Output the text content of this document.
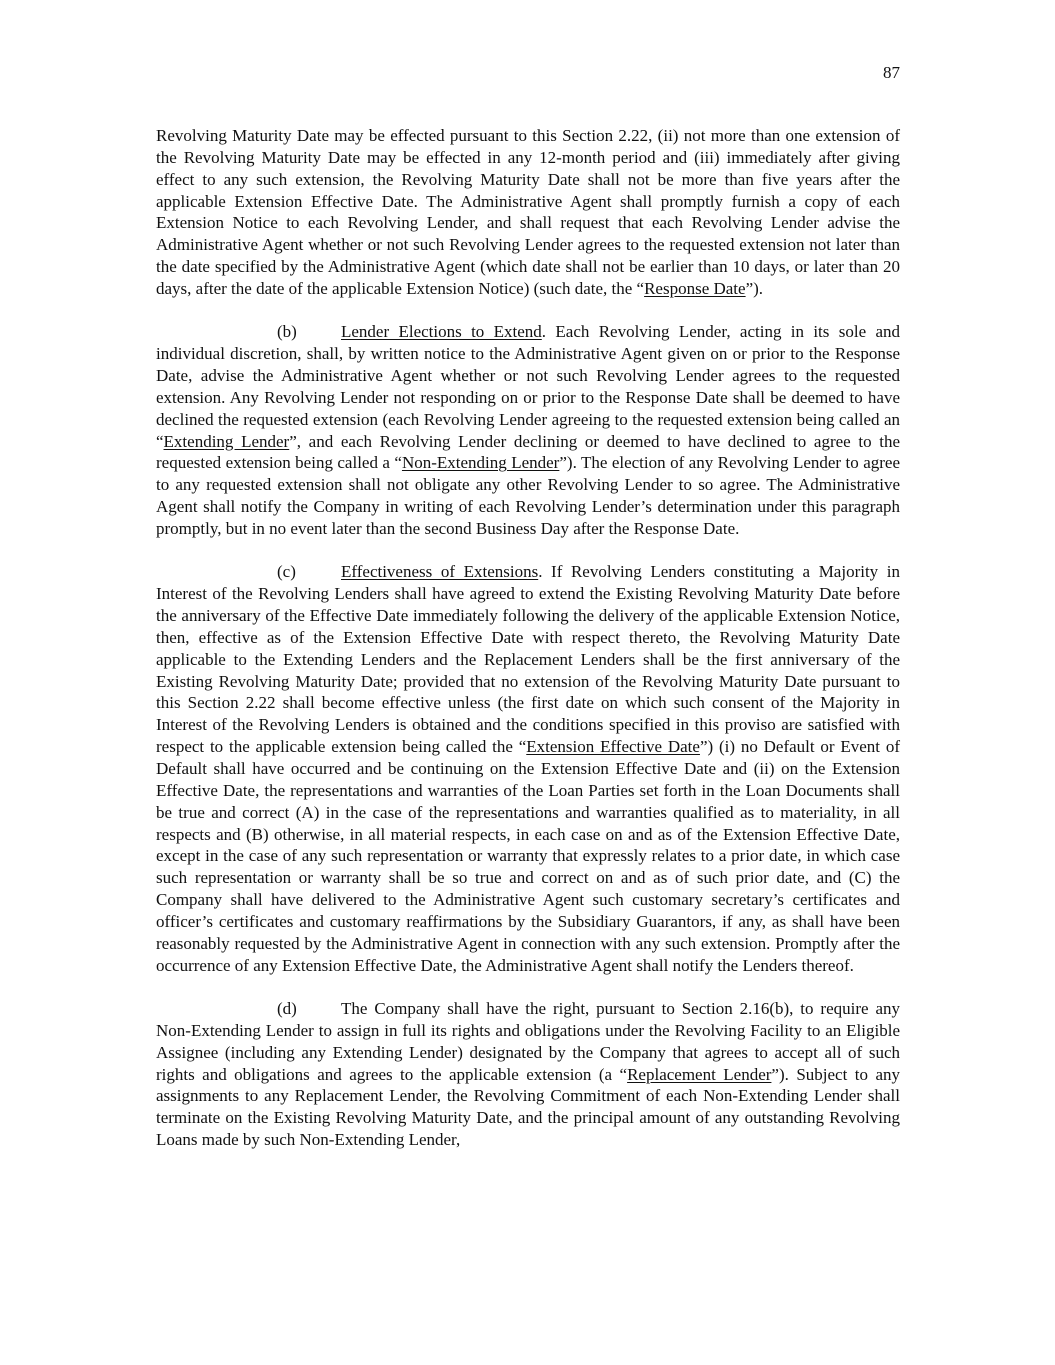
87

Revolving Maturity Date may be effected pursuant to this Section 2.22, (ii) not more than one extension of the Revolving Maturity Date may be effected in any 12-month period and (iii) immediately after giving effect to any such extension, the Revolving Maturity Date shall not be more than five years after the applicable Extension Effective Date. The Administrative Agent shall promptly furnish a copy of each Extension Notice to each Revolving Lender, and shall request that each Revolving Lender advise the Administrative Agent whether or not such Revolving Lender agrees to the requested extension not later than the date specified by the Administrative Agent (which date shall not be earlier than 10 days, or later than 20 days, after the date of the applicable Extension Notice) (such date, the “Response Date”).

(b)	Lender Elections to Extend. Each Revolving Lender, acting in its sole and individual discretion, shall, by written notice to the Administrative Agent given on or prior to the Response Date, advise the Administrative Agent whether or not such Revolving Lender agrees to the requested extension. Any Revolving Lender not responding on or prior to the Response Date shall be deemed to have declined the requested extension (each Revolving Lender agreeing to the requested extension being called an “Extending Lender”, and each Revolving Lender declining or deemed to have declined to agree to the requested extension being called a “Non-Extending Lender”). The election of any Revolving Lender to agree to any requested extension shall not obligate any other Revolving Lender to so agree. The Administrative Agent shall notify the Company in writing of each Revolving Lender’s determination under this paragraph promptly, but in no event later than the second Business Day after the Response Date.

(c)	Effectiveness of Extensions. If Revolving Lenders constituting a Majority in Interest of the Revolving Lenders shall have agreed to extend the Existing Revolving Maturity Date before the anniversary of the Effective Date immediately following the delivery of the applicable Extension Notice, then, effective as of the Extension Effective Date with respect thereto, the Revolving Maturity Date applicable to the Extending Lenders and the Replacement Lenders shall be the first anniversary of the Existing Revolving Maturity Date; provided that no extension of the Revolving Maturity Date pursuant to this Section 2.22 shall become effective unless (the first date on which such consent of the Majority in Interest of the Revolving Lenders is obtained and the conditions specified in this proviso are satisfied with respect to the applicable extension being called the “Extension Effective Date”) (i) no Default or Event of Default shall have occurred and be continuing on the Extension Effective Date and (ii) on the Extension Effective Date, the representations and warranties of the Loan Parties set forth in the Loan Documents shall be true and correct (A) in the case of the representations and warranties qualified as to materiality, in all respects and (B) otherwise, in all material respects, in each case on and as of the Extension Effective Date, except in the case of any such representation or warranty that expressly relates to a prior date, in which case such representation or warranty shall be so true and correct on and as of such prior date, and (C) the Company shall have delivered to the Administrative Agent such customary secretary’s certificates and officer’s certificates and customary reaffirmations by the Subsidiary Guarantors, if any, as shall have been reasonably requested by the Administrative Agent in connection with any such extension. Promptly after the occurrence of any Extension Effective Date, the Administrative Agent shall notify the Lenders thereof.

(d)	The Company shall have the right, pursuant to Section 2.16(b), to require any Non-Extending Lender to assign in full its rights and obligations under the Revolving Facility to an Eligible Assignee (including any Extending Lender) designated by the Company that agrees to accept all of such rights and obligations and agrees to the applicable extension (a “Replacement Lender”). Subject to any assignments to any Replacement Lender, the Revolving Commitment of each Non-Extending Lender shall terminate on the Existing Revolving Maturity Date, and the principal amount of any outstanding Revolving Loans made by such Non-Extending Lender,
